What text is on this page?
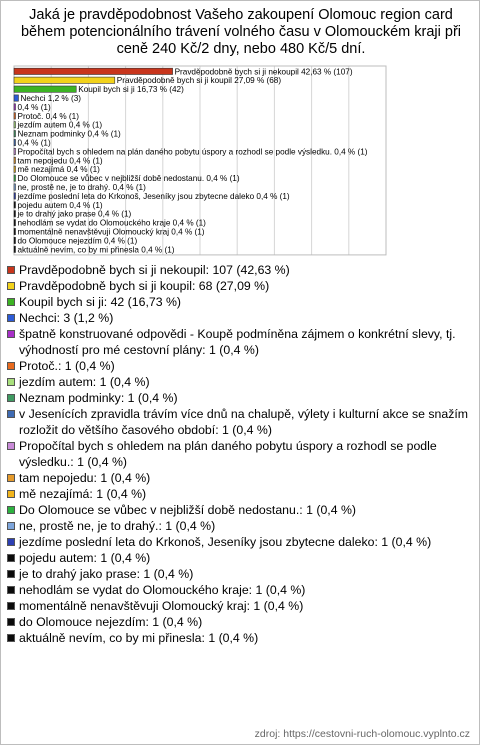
Jaká je pravděpodobnost Vašeho zakoupení Olomouc region card během potencionálního trávení volného času v Olomouckém kraji při ceně 240 Kč/2 dny, nebo 480 Kč/5 dní.
Pravděpodobně bych si ji nekoupil 42,63 % (107)
Pravděpodobně bych si ji koupil 27,09 % (68)
Koupil bych si ji 16,73 % (42)
Nechci 1,2 % (3)
0,4 % (1)
Protoč. 0,4 % (1)
jezdím autem 0,4 % (1)
Neznam podminky 0,4 % (1)
0,4 % (1)
Propočítal bych s ohledem na plán daného pobytu úspory a rozhodl se podle výsledku. 0,4 % (1)
tam nepojedu 0,4 % (1)
mě nezajímá 0,4 % (1)
Do Olomouce se vůbec v nejbližší době nedostanu. 0,4 % (1)
ne, prostě ne, je to drahý. 0,4 % (1)
jezdíme poslední leta do Krkonoš, Jeseníky jsou zbytecne daleko 0,4 % (1)
pojedu autem 0,4 % (1)
je to drahý jako prase 0,4 % (1)
nehodlám se vydat do Olomouckého kraje 0,4 % (1)
momentálně nenavštěvuji Olomoucký kraj 0,4 % (1)
do Olomouce nejezdím 0,4 % (1)
aktuálně nevím, co by mi přinesla 0,4 % (1)
Pravděpodobně bych si ji nekoupil: 107 (42,63 %)
Pravděpodobně bych si ji koupil: 68 (27,09 %)
Koupil bych si ji: 42 (16,73 %)
Nechci: 3 (1,2 %)
špatně konstruované odpovědi - Koupě podmíněna zájmem o konkrétní slevy, tj. výhodností pro mé cestovní plány: 1 (0,4 %)
Protoč.: 1 (0,4 %)
jezdím autem: 1 (0,4 %)
Neznam podminky: 1 (0,4 %)
v Jesenících zpravidla trávím více dnů na chalupě, výlety i kulturní akce se snažím rozložit do většího časového období: 1 (0,4 %)
Propočítal bych s ohledem na plán daného pobytu úspory a rozhodl se podle výsledku.: 1 (0,4 %)
tam nepojedu: 1 (0,4 %)
mě nezajímá: 1 (0,4 %)
Do Olomouce se vůbec v nejbližší době nedostanu.: 1 (0,4 %)
ne, prostě ne, je to drahý.: 1 (0,4 %)
jezdíme poslední leta do Krkonoš, Jeseníky jsou zbytecne daleko: 1 (0,4 %)
pojedu autem: 1 (0,4 %)
je to drahý jako prase: 1 (0,4 %)
nehodlám se vydat do Olomouckého kraje: 1 (0,4 %)
momentálně nenavštěvuji Olomoucký kraj: 1 (0,4 %)
do Olomouce nejezdím: 1 (0,4 %)
aktuálně nevím, co by mi přinesla: 1 (0,4 %)
zdroj: https://cestovni-ruch-olomouc.vyplnto.cz
